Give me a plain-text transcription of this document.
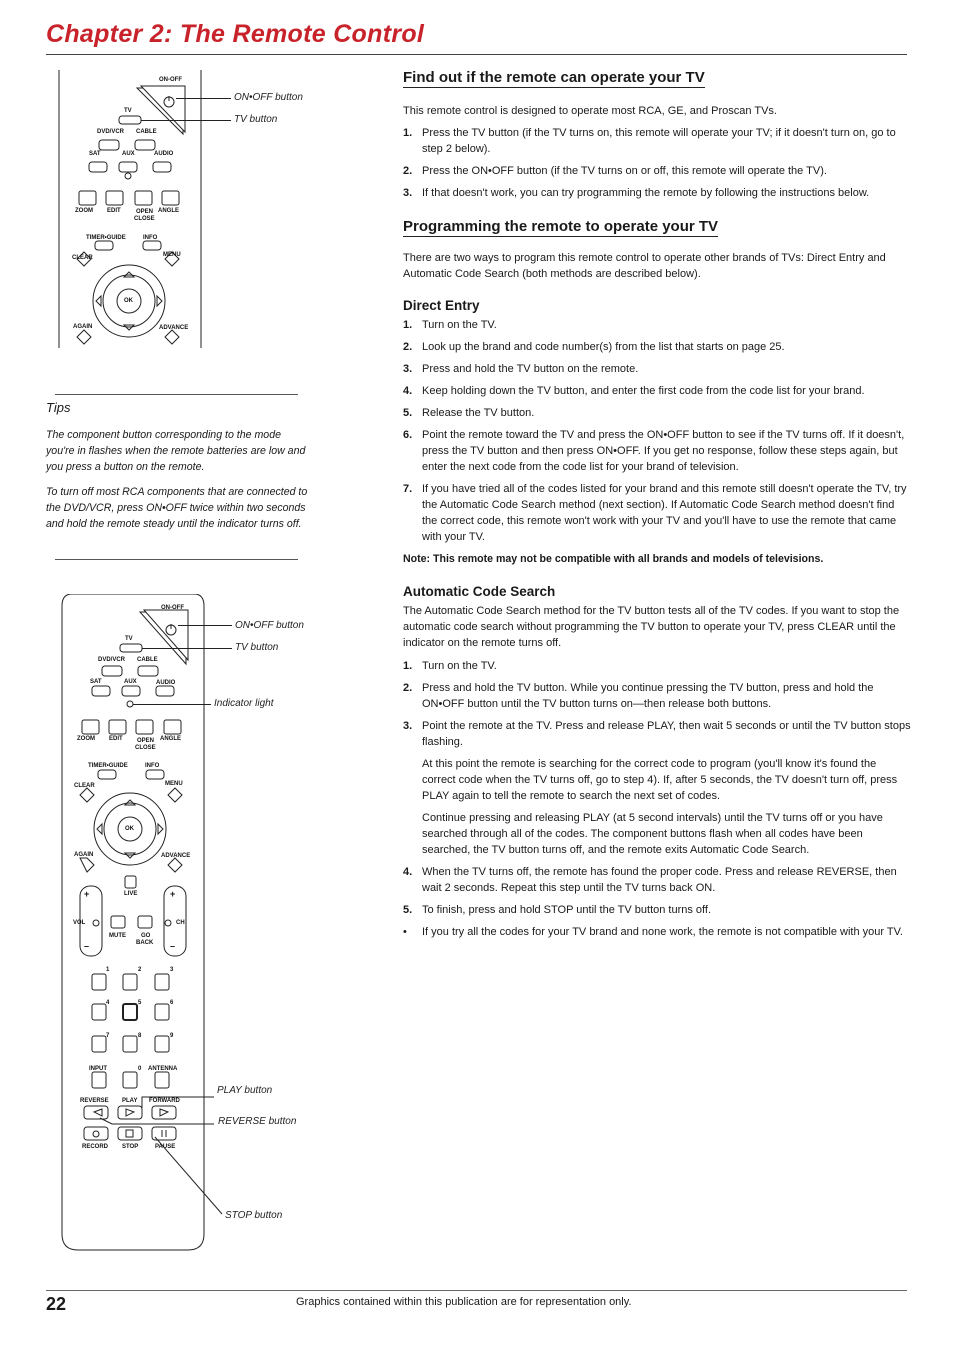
Chapter 2: The Remote Control
ON-OFF
TV
DVD/VCR CABLE
SAT	AUX	AUDIO
ZOOM EDIT	OPEN
CLOSE
ANGLE
TIMER•GUIDE	INFO
CLEAR	MENU
OK
AGAIN	ADVANCE
ON•OFF button
TV button
Tips
The component button corresponding to the mode you're in flashes when the remote batteries are low and you press a button on the remote.
To turn off most RCA components that are connected to the DVD/VCR, press ON•OFF twice within two seconds and hold the remote steady until the indicator turns off.
ON-OFF
TV
DVD/VCR CABLE
SAT	AUX	AUDIO
ZOOM EDIT OPEN
CLOSE
ANGLE
TIMER•GUIDE	INFO
CLEAR	MENU
OK
AGAIN	ADVANCE
LIVE
+	+
VOL	CH
MUTE	GO
BACK
–	–
1	2	3
4	5	6
7	8	9
INPUT	0 ANTENNA
REVERSE PLAY FORWARD
RECORD STOP	PAUSE
ON•OFF button
TV button
Indicator light
PLAY button
REVERSE button
STOP button
Find out if the remote can operate your TV

This remote control is designed to operate most RCA, GE, and Proscan TVs.

1. Press the TV button (if the TV turns on, this remote will operate your TV; if it doesn't turn on, go to step 2 below).
2. Press the ON•OFF button (if the TV turns on or off, this remote will operate the TV).
3. If that doesn't work, you can try programming the remote by following the instructions below.
Programming the remote to operate your TV

There are two ways to program this remote control to operate other brands of TVs: Direct Entry and Automatic Code Search (both methods are described below).

Direct Entry
1. Turn on the TV.
2. Look up the brand and code number(s) from the list that starts on page 25.
3. Press and hold the TV button on the remote.
4. Keep holding down the TV button, and enter the first code from the code list for your brand.
5. Release the TV button.
6. Point the remote toward the TV and press the ON•OFF button to see if the TV turns off. If it doesn't, press the TV button and then press ON•OFF. If you get no response, follow these steps again, but enter the next code from the code list for your brand of television.
7. If you have tried all of the codes listed for your brand and this remote still doesn't operate the TV, try the Automatic Code Search method (next section). If Automatic Code Search method doesn't find the correct code, this remote won't work with your TV and you'll have to use the remote that came with your TV.

Note: This remote may not be compatible with all brands and models of televisions.

Automatic Code Search

The Automatic Code Search method for the TV button tests all of the TV codes. If you want to stop the automatic code search without programming the TV button to operate your TV, press CLEAR until the indicator on the remote turns off.

1. Turn on the TV.
2. Press and hold the TV button. While you continue pressing the TV button, press and hold the ON•OFF button until the TV button turns on—then release both buttons.
3. Point the remote at the TV. Press and release PLAY, then wait 5 seconds or until the TV button stops flashing.

At this point the remote is searching for the correct code to program (you'll know it's found the correct code when the TV turns off, go to step 4). If, after 5 seconds, the TV doesn't turn off, press PLAY again to tell the remote to search the next set of codes.

Continue pressing and releasing PLAY (at 5 second intervals) until the TV turns off or you have searched through all of the codes. The component buttons flash when all codes have been searched, the TV button turns off, and the remote exits Automatic Code Search.

4. When the TV turns off, the remote has found the proper code. Press and release REVERSE, then wait 2 seconds. Repeat this step until the TV turns back ON.
5. To finish, press and hold STOP until the TV button turns off.
• If you try all the codes for your TV brand and none work, the remote is not compatible with your TV.
22	Graphics contained within this publication are for representation only.
